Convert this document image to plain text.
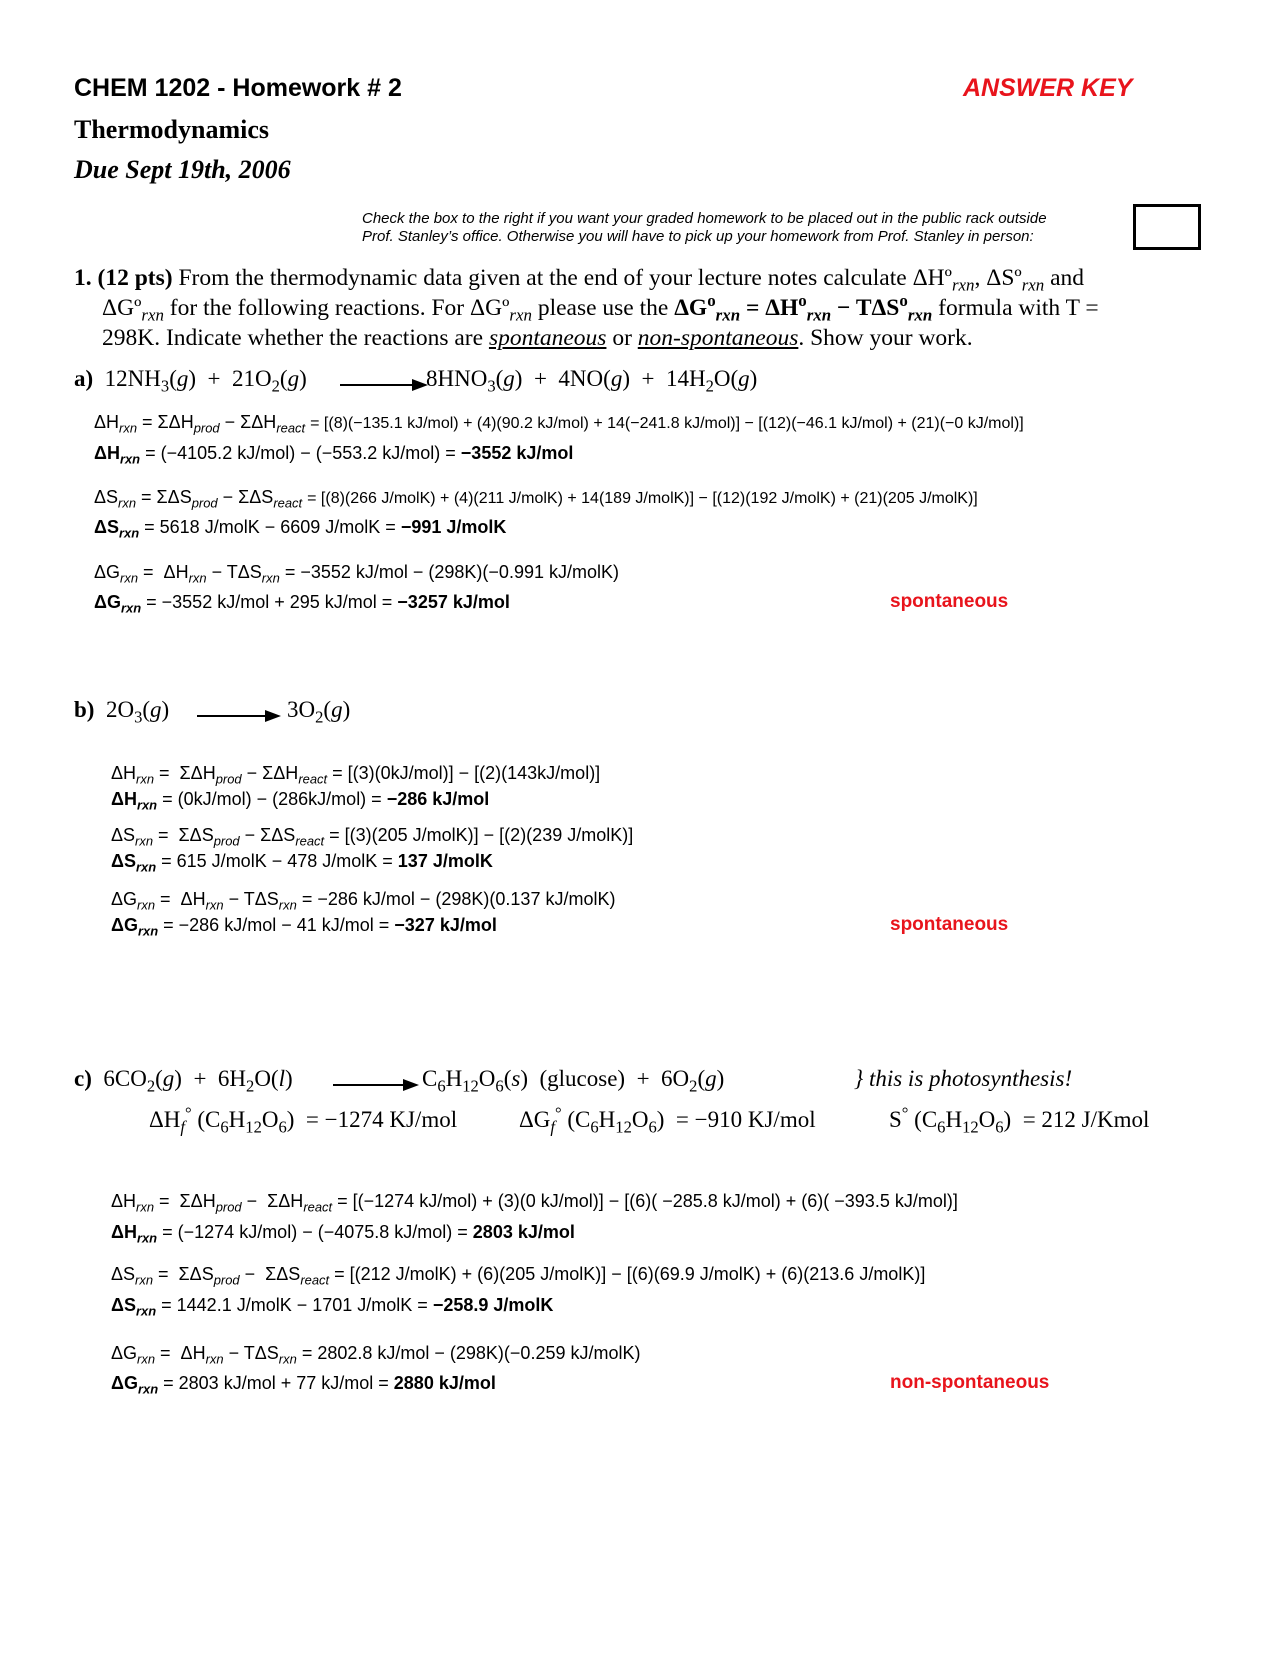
CHEM 1202 - Homework # 2	ANSWER KEY
Thermodynamics
Due Sept 19th, 2006
Check the box to the right if you want your graded homework to be placed out in the public rack outside
Prof. Stanley’s office. Otherwise you will have to pick up your homework from Prof. Stanley in person:
1. (12 pts) From the thermodynamic data given at the end of your lecture notes calculate ΔHº$_{rxn}$, ΔSº$_{rxn}$ and
ΔGº$_{rxn}$ for the following reactions. For ΔGº$_{rxn}$ please use the $\Delta G^o_{rxn} = \Delta H^o_{rxn} - T\Delta S^o_{rxn}$ formula with T =
298K. Indicate whether the reactions are spontaneous or non-spontaneous. Show your work.
a) $12NH_3(g) + 21O_2(g)$	$8HNO_3(g) + 4NO(g) + 14H_2O(g)$
$\Delta H_{rxn} = \Sigma\Delta H_{prod} - \Sigma\Delta H_{react} = [(8)(-135.1$ kJ/mol) + (4)(90.2 kJ/mol) + 14(−241.8 kJ/mol)] − [(12)(−46.1 kJ/mol) + (21)(−0 kJ/mol)]
$\Delta H_{rxn} = (-4105.2$ kJ/mol) − (−553.2 kJ/mol) = −3552 kJ/mol
$\Delta S_{rxn} = \Sigma\Delta S_{prod} - \Sigma\Delta S_{react} = [(8)(266$ J/molK) + (4)(211 J/molK) + 14(189 J/molK)] − [(12)(192 J/molK) + (21)(205 J/molK)]
$\Delta S_{rxn} = 5618$ J/molK − 6609 J/molK = −991 J/molK
$\Delta G_{rxn} = \Delta H_{rxn} - T\Delta S_{rxn} = -3552$ kJ/mol − (298K)(−0.991 kJ/molK)
$\Delta G_{rxn} = -3552$ kJ/mol + 295 kJ/mol = −3257 kJ/mol	spontaneous
b)  $2O_3(g)$	$3O_2(g)$
$\Delta H_{rxn} = \Sigma\Delta H_{prod} - \Sigma\Delta H_{react} = [(3)(0kJ/mol)] - [(2)(143kJ/mol)]$
$\Delta H_{rxn} = (0kJ/mol) - (286kJ/mol) = -286$ kJ/mol
$\Delta S_{rxn} = \Sigma\Delta S_{prod} - \Sigma\Delta S_{react} = [(3)(205$ J/molK)] − [(2)(239 J/molK)]
$\Delta S_{rxn} = 615$ J/molK − 478 J/molK = 137 J/molK
$\Delta G_{rxn} = \Delta H_{rxn} - T\Delta S_{rxn} = -286$ kJ/mol − (298K)(0.137 kJ/molK)
$\Delta G_{rxn} = -286$ kJ/mol − 41 kJ/mol = −327 kJ/mol	spontaneous
c)  $6CO_2(g) + 6H_2O(l)$	$C_6H_{12}O_6(s) (glucose) + 6O_2(g)$	} this is photosynthesis!
$\Delta H_f^\circ$ $(C_6H_{12}O_6) = -1274$ KJ/mol	$\Delta G_f^\circ$ $(C_6H_{12}O_6) = -910$ KJ/mol	S° $(C_6H_{12}O_6) = 212$ J/Kmol
$\Delta H_{rxn} = \Sigma\Delta H_{prod} - \Sigma\Delta H_{react} = [(-1274$ kJ/mol) + (3)(0 kJ/mol)] − [(6)( −285.8 kJ/mol) + (6)( −393.5 kJ/mol)]
$\Delta H_{rxn} = (-1274$ kJ/mol) − (−4075.8 kJ/mol) = 2803 kJ/mol
$\Delta S_{rxn} = \Sigma\Delta S_{prod} - \Sigma\Delta S_{react} = [(212$ J/molK) + (6)(205 J/molK)] − [(6)(69.9 J/molK) + (6)(213.6 J/molK)]
$\Delta S_{rxn} = 1442.1$ J/molK − 1701 J/molK = −258.9 J/molK
$\Delta G_{rxn} = \Delta H_{rxn} - T\Delta S_{rxn} = 2802.8$ kJ/mol − (298K)(−0.259 kJ/molK)
$\Delta G_{rxn} = 2803$ kJ/mol + 77 kJ/mol = 2880 kJ/mol	non-spontaneous
